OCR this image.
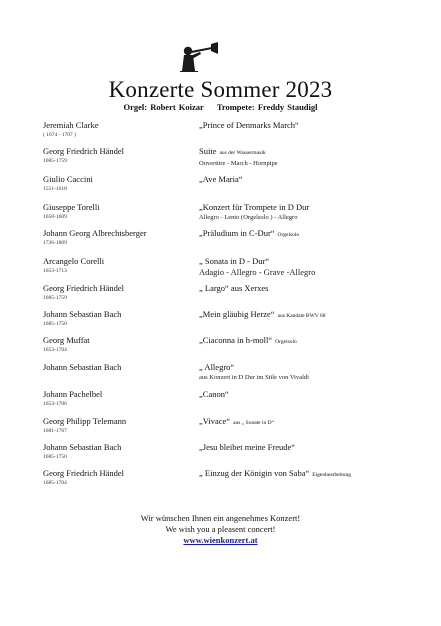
Konzerte Sommer 2023
Orgel: Robert Koizar Trompete: Freddy Staudigl
Jeremiah Clarke
( 1674 - 1707 )
„Prince of Denmarks March“
Georg Friedrich Händel
1685-1759
Suite aus der Wassermusik
Ouvertüre - March - Hornpipe
Giulio Caccini
1551-1618
„Ave Maria“
Giuseppe Torelli
1658-1609
„Konzert für Trompete in D Dur
Allegro - Lento (Orgelsolo ) - Allegro
Johann Georg Albrechtsberger
1736-1809
„Präludium in C-Dur“ Orgelsolo
Arcangelo Corelli
1653-1713
„ Sonata in D - Dur“
Adagio - Allegro - Grave -Allegro
Georg Friedrich Händel
1685-1759
„ Largo“ aus Xerxes
Johann Sebastian Bach
1685-1750
„Mein gläubig Herze“ aus Kandate BWV 68
Georg Muffat
1653-1704
„Ciaconna in h-moll“ Orgelsolo
Johann Sebastian Bach	„ Allegro“
aus Konzert in D Dur im Stile von Vivaldi
Johann Pachelbel
1653-1706
„Canon“
Georg Philipp Telemann
1681-1767
„Vivace“ aus „ Sonate in D“
Johann Sebastian Bach
1685-1750
„Jesu bleibet meine Freude“
Georg Friedrich Händel
1685-1704
„ Einzug der Königin von Saba“ Eigenbearbeitung
Wir wünschen Ihnen ein angenehmes Konzert!
We wish you a pleasent concert!
www.wienkonzert.at
